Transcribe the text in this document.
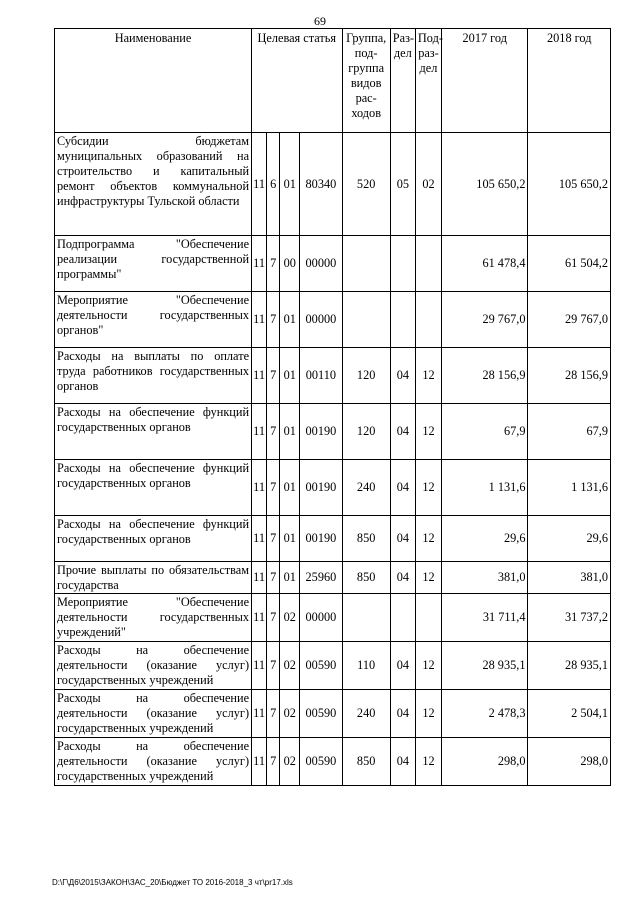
69
Наименование	Целевая статья				Группа, под- группа видов рас- ходов	Раз- дел	Под- раз- дел	2017 год	2018 год
Субсидии бюджетам муниципальных образований на строительство и капитальный ремонт объектов коммунальной инфраструктуры Тульской области	11	6	01	80340	520	05	02	105 650,2	105 650,2
Подпрограмма "Обеспечение реализации государственной программы"	11	7	00	00000				61 478,4	61 504,2
Мероприятие "Обеспечение деятельности государственных органов"	11	7	01	00000				29 767,0	29 767,0
Расходы на выплаты по оплате труда работников государственных органов	11	7	01	00110	120	04	12	28 156,9	28 156,9
Расходы на обеспечение функций государственных органов	11	7	01	00190	120	04	12	67,9	67,9
Расходы на обеспечение функций государственных органов	11	7	01	00190	240	04	12	1 131,6	1 131,6
Расходы на обеспечение функций государственных органов	11	7	01	00190	850	04	12	29,6	29,6
Прочие выплаты по обязательствам государства	11	7	01	25960	850	04	12	381,0	381,0
Мероприятие "Обеспечение деятельности государственных учреждений"	11	7	02	00000				31 711,4	31 737,2
Расходы на обеспечение деятельности (оказание услуг) государственных учреждений	11	7	02	00590	110	04	12	28 935,1	28 935,1
Расходы на обеспечение деятельности (оказание услуг) государственных учреждений	11	7	02	00590	240	04	12	2 478,3	2 504,1
Расходы на обеспечение деятельности (оказание услуг) государственных учреждений	11	7	02	00590	850	04	12	298,0	298,0
D:\Г\Д6\2015\ЗАКОН\ЗАС_20\Бюджет ТО 2016-2018_3 чт\pr17.xls
